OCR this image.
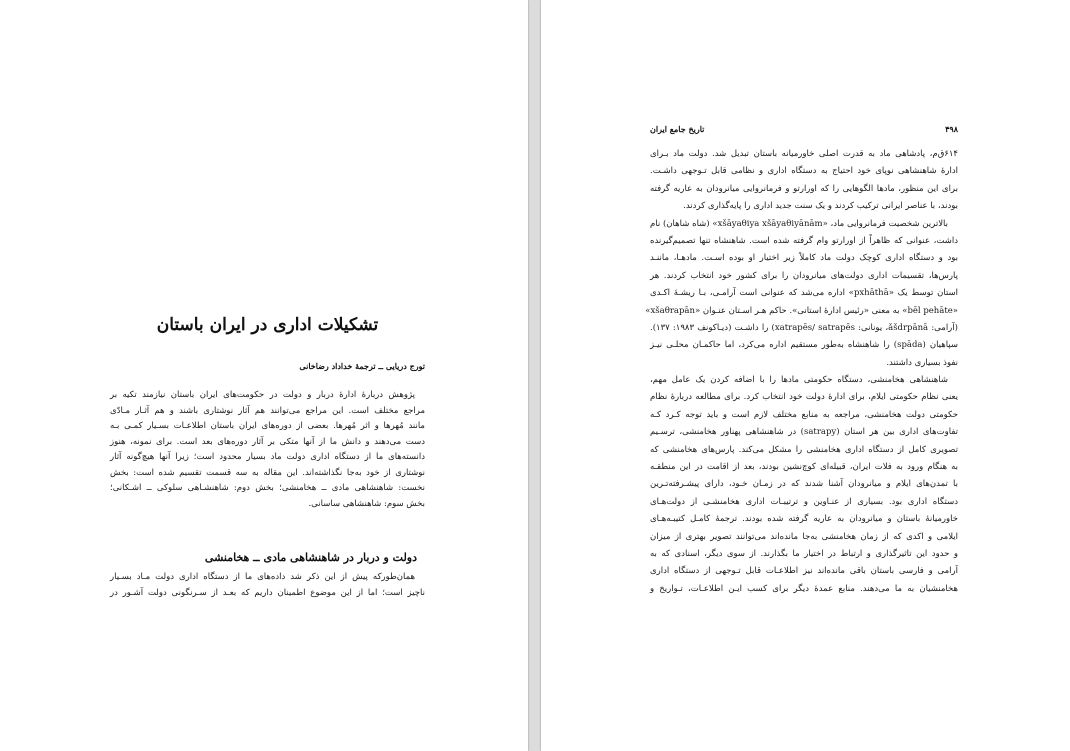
تشکیلات اداری در ایران باستان
تورج دریایی ــ ترجمهٔ خداداد رضاخانی
پژوهش دربارهٔ ادارهٔ دربار و دولت در حکومت‌های ایران باستان نیازمند تکیه بر
مراجع مختلف است. این مراجع می‌توانند هم آثار نوشتاری باشند و هم آثـار مـادّی
مانند مُهرها و اثر مُهرها. بعضی از دوره‌های ایران باستان اطلاعـات بسـیار کمـی بـه
دست می‌دهند و دانش ما از آنها متکی بر آثار دوره‌های بعد است. برای نمونه، هنوز
دانسته‌های ما از دستگاه اداری دولت ماد بسیار محدود است؛ زیرا آنها هیچ‌گونه آثار
نوشتاری از خود به‌جا نگذاشته‌اند. این مقاله به سه قسمت تقسیم شده است: بخش
نخست: شاهنشاهی مادی ــ هخامنشی؛ بخش دوم: شاهنشـاهی سلوکی ــ اشـکانی؛
بخش سوم: شاهنشاهی ساسانی.
دولت و دربار در شاهنشاهی مادی ــ هخامنشی
همان‌طورکه پیش از این ذکر شد داده‌های ما از دستگاه اداری دولت مـاد بسـیار
ناچیز است؛ اما از این موضوع اطمینان داریم که بعـد از سـرنگونی دولت آشـور در
۴۹۸
تاریخ جامع ایران
۶۱۴ق‌م، پادشاهی ماد به قدرت اصلی خاورمیانه باستان تبدیل شد. دولت ماد بـرای
ادارهٔ شاهنشاهی نوپای خود احتیاج به دستگاه اداری و نظامی قابل تـوجهی داشـت.
برای این منظور، مادها الگوهایی را که اورارتو و فرمانروایی میانرودان به عاریه گرفته
بودند، با عناصر ایرانی ترکیب کردند و یک سنت جدید اداری را پایه‌گذاری کردند.
بالاترین شخصیت فرمانروایی ماد، «xšāyaθiya xšāyaθiyānām» (شاه شاهان) نام
داشت، عنوانی که ظاهراً از اورارتو وام گرفته شده است. شاهنشاه تنها تصمیم‌گیرنده
بود و دستگاه اداری کوچک دولت ماد کاملاً زیر اختیار او بوده اسـت. مادهـا، ماننـد
پارس‌ها، تقسیمات اداری دولت‌های میانرودان را برای کشور خود انتخاب کردند. هر
استان توسط یک «pxhāthā» اداره می‌شد که عنوانی است آرامـی، بـا ریشـهٔ اکـدی
«bēl pehāte» به معنی «رئیس ادارهٔ استانی». حاکم هـر اسـتان عنـوان «xšaθrapān»
(آرامی: ǎšdrpānā، یونانی: xatrapēs/ satrapēs) را داشـت (دیـاکونف ۱۹۸۳: ۱۳۷).
سپاهیان (spāda) را شاهنشاه به‌طور مستقیم اداره می‌کرد، اما حاکمـان محلـی نیـز
نفوذ بسیاری داشتند.
شاهنشاهی هخامنشی، دستگاه حکومتی مادها را با اضافه کردن یک عامل مهم،
یعنی نظام حکومتی ایلام، برای ادارهٔ دولت خود انتخاب کرد. برای مطالعه دربارهٔ نظام
حکومتی دولت هخامنشی، مراجعه به منابع مختلف لازم است و باید توجه کـرد کـه
تفاوت‌های اداری بین هر استان (satrapy) در شاهنشاهی پهناور هخامنشی، ترسـیم
تصویری کامل از دستگاه اداری هخامنشی را مشکل می‌کند. پارس‌های هخامنشی که
به هنگام ورود به فلات ایران، قبیله‌ای کوچ‌نشین بودند، بعد از اقامت در این منطقـه
با تمدن‌های ایلام و میانرودان آشنا شدند که در زمـان خـود، دارای پیشـرفته‌تـرین
دستگاه اداری بود. بسیاری از عنـاوین و ترتیبـات اداری هخامنشـی از دولت‌هـای
خاورمیانهٔ باستان و میانرودان به عاریه گرفته شده بودند. ترجمهٔ کامـل کتیبـه‌هـای
ایلامی و اکدی که از زمان هخامنشی به‌جا مانده‌اند می‌توانند تصویر بهتری از میزان
و حدود این تاثیرگذاری و ارتباط در اختیار ما بگذارند. از سوی دیگر، اسنادی که به
آرامی و فارسی باستان باقی مانده‌اند نیز اطلاعـات قابل تـوجهی از دستگاه اداری
هخامنشیان به ما می‌دهند. منابع عمدهٔ دیگر برای کسب ایـن اطلاعـات، تـواریخ و
